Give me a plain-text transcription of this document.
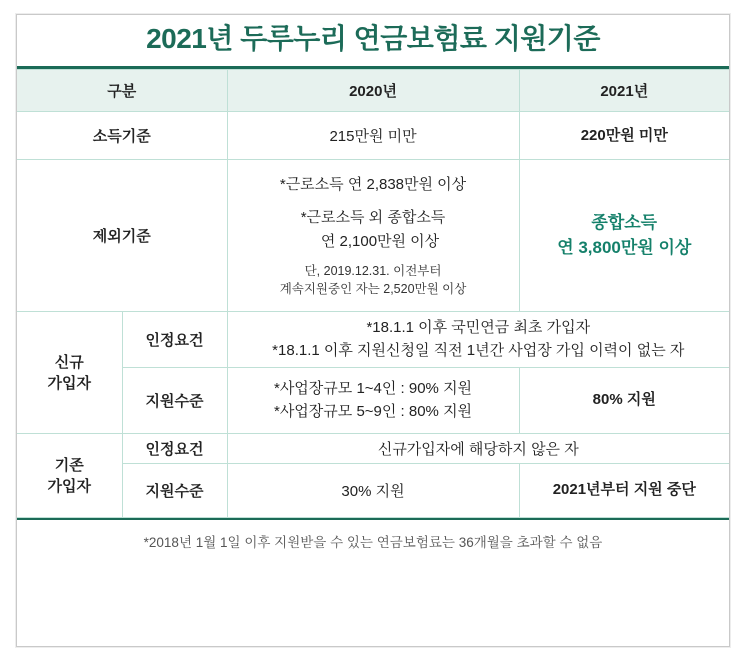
2021년 두루누리 연금보험료 지원기준
구분		2020년	2021년
소득기준		215만원 미만	220만원 미만
제외기준		*근로소득 연 2,838만원 이상
*근로소득 외 종합소득
연 2,100만원 이상
단, 2019.12.31. 이전부터
계속지원중인 자는 2,520만원 이상	종합소득
연 3,800만원 이상

신규
가입자	인정요건	*18.1.1 이후 국민연금 최초 가입자
*18.1.1 이후 지원신청일 직전 1년간 사업장 가입 이력이 없는 자	

	지원수준	*사업장규모 1~4인 : 90% 지원
*사업장규모 5~9인 : 80% 지원	80% 지원

기존
가입자	인정요건	신규가입자에 해당하지 않은 자	
	지원수준	30% 지원	2021년부터 지원 중단
*2018년 1월 1일 이후 지원받을 수 있는 연금보험료는 36개월을 초과할 수 없음
